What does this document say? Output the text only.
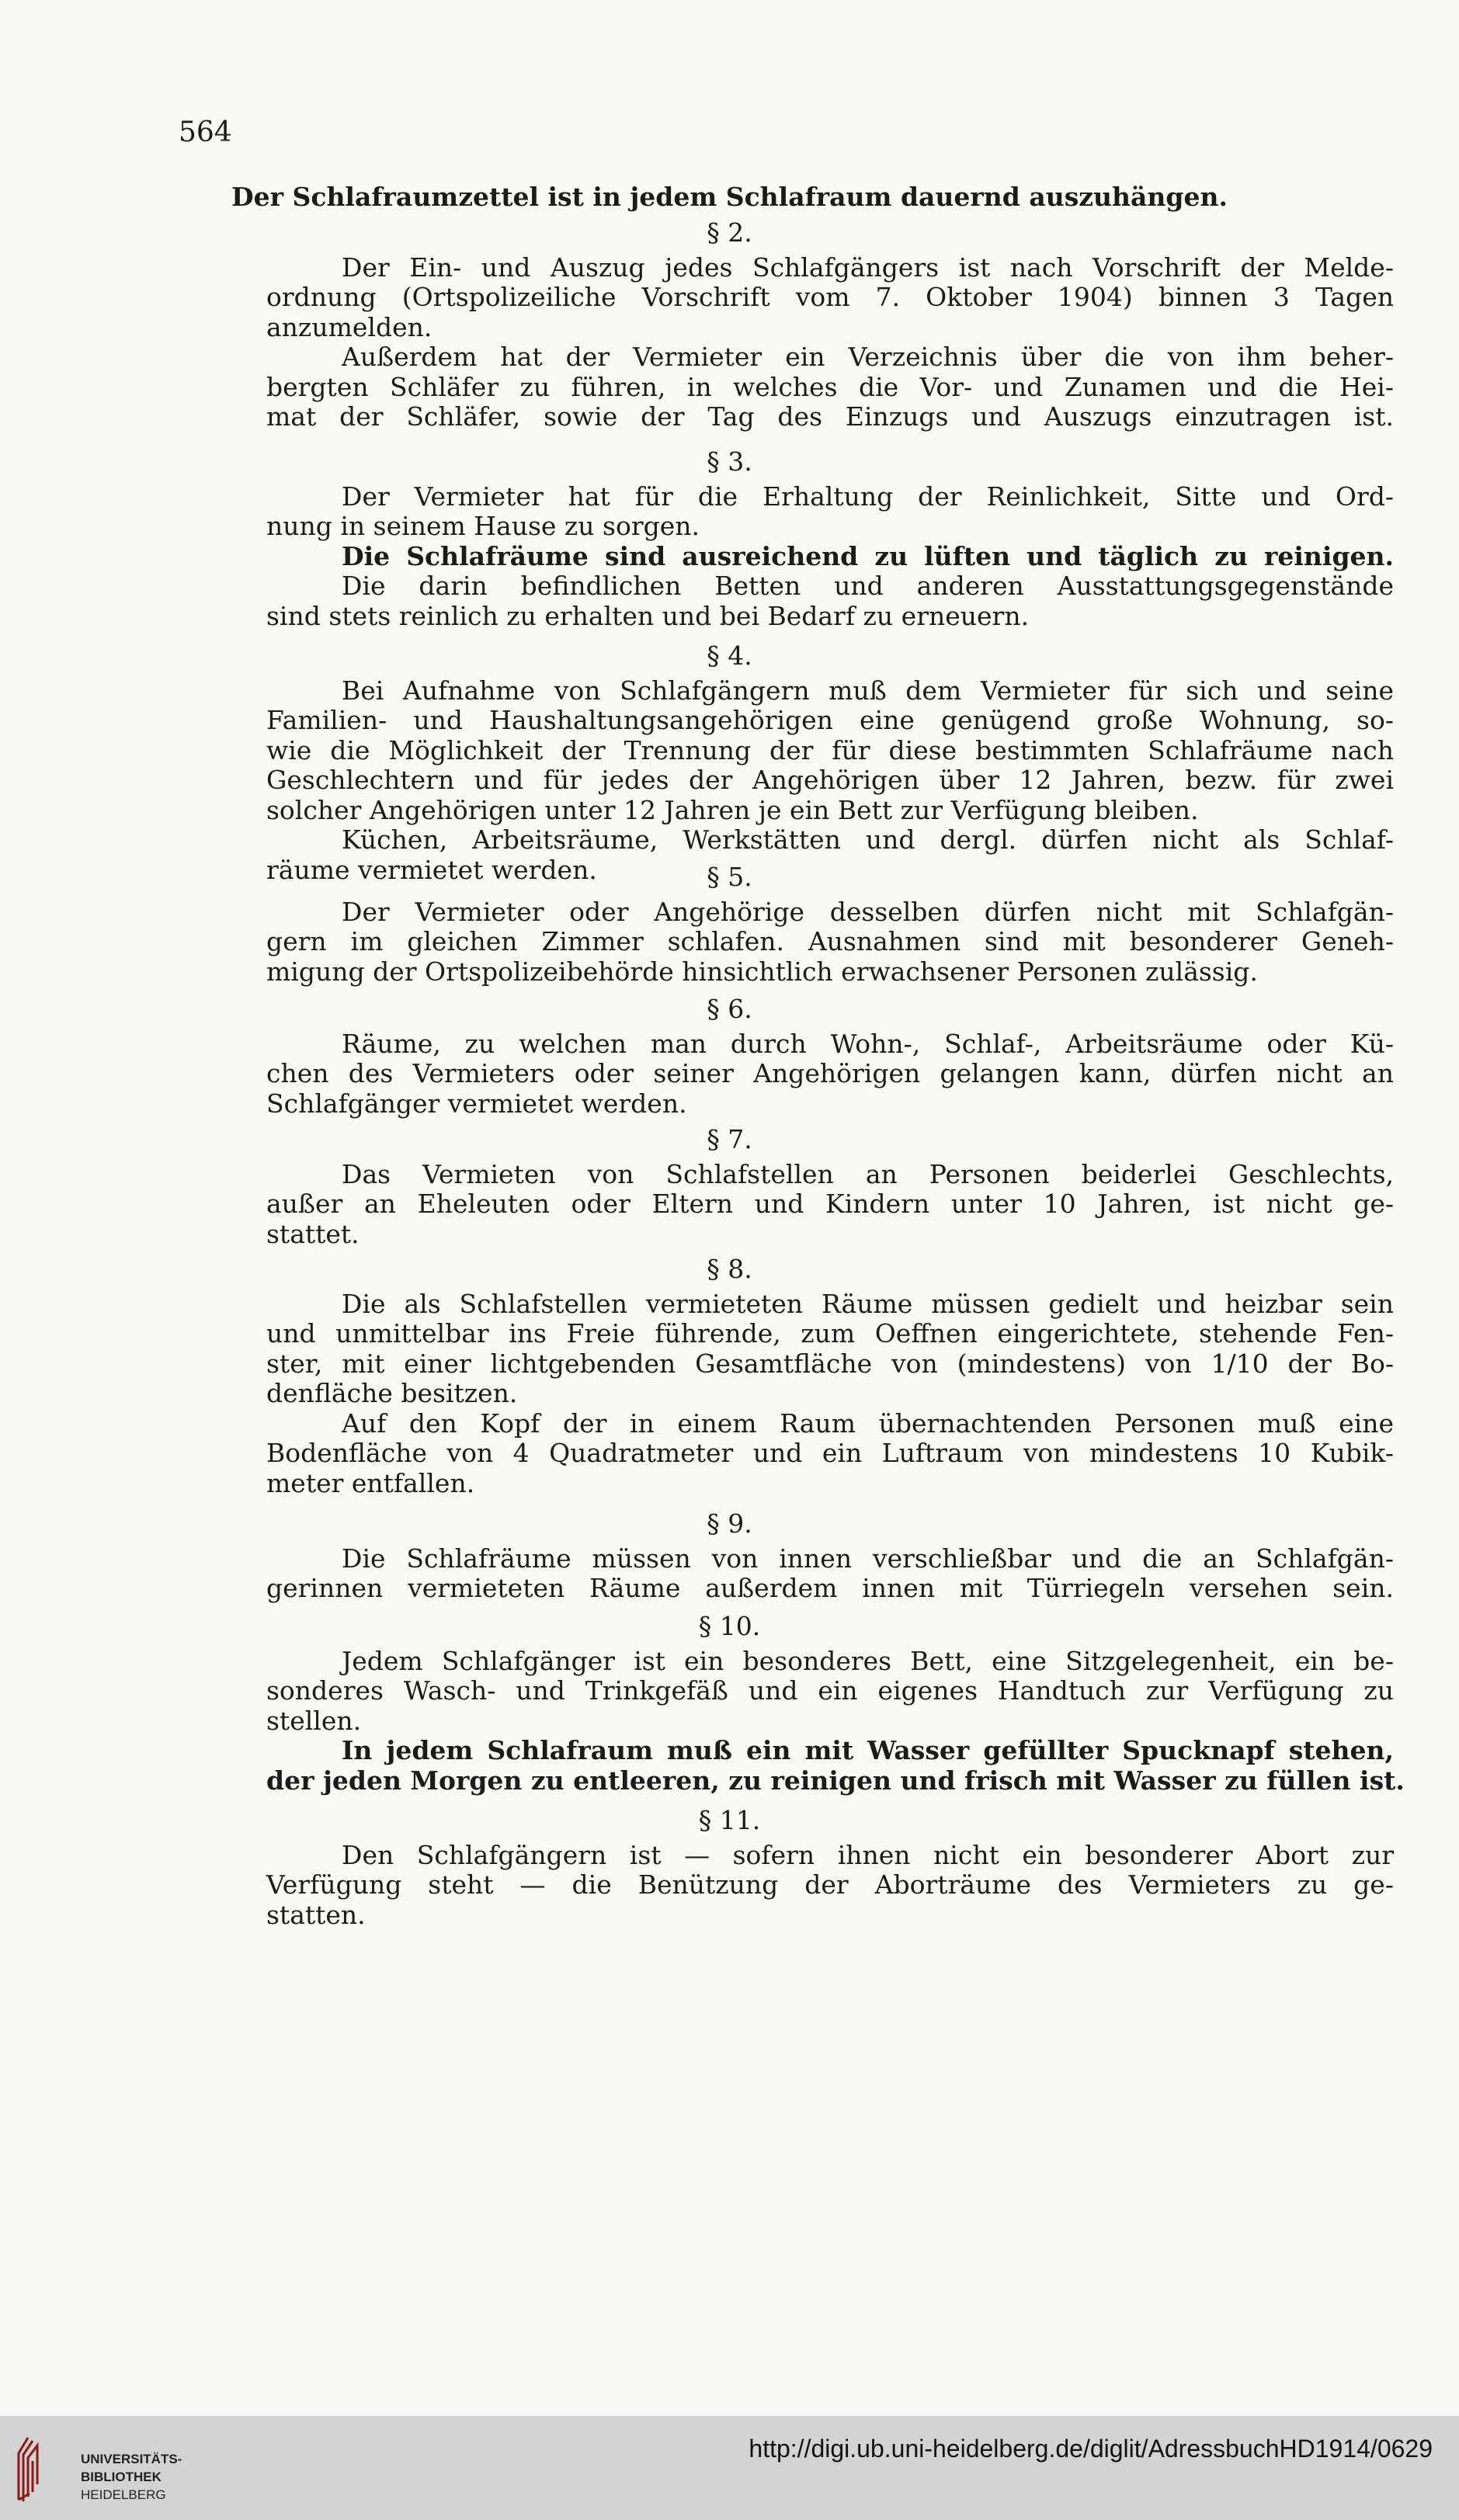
564
Der Schlafraumzettel ist in jedem Schlafraum dauernd auszuhängen.
§ 2.
Der Ein- und Auszug jedes Schlafgängers ist nach Vorschrift der Melde-
ordnung (Ortspolizeiliche Vorschrift vom 7. Oktober 1904) binnen 3 Tagen
anzumelden.
Außerdem hat der Vermieter ein Verzeichnis über die von ihm beher-
bergten Schläfer zu führen, in welches die Vor- und Zunamen und die Hei-
mat der Schläfer, sowie der Tag des Einzugs und Auszugs einzutragen ist.
§ 3.
Der Vermieter hat für die Erhaltung der Reinlichkeit, Sitte und Ord-
nung in seinem Hause zu sorgen.
Die Schlafräume sind ausreichend zu lüften und täglich zu reinigen.
Die darin befindlichen Betten und anderen Ausstattungsgegenstände
sind stets reinlich zu erhalten und bei Bedarf zu erneuern.
§ 4.
Bei Aufnahme von Schlafgängern muß dem Vermieter für sich und seine
Familien- und Haushaltungsangehörigen eine genügend große Wohnung, so-
wie die Möglichkeit der Trennung der für diese bestimmten Schlafräume nach
Geschlechtern und für jedes der Angehörigen über 12 Jahren, bezw. für zwei
solcher Angehörigen unter 12 Jahren je ein Bett zur Verfügung bleiben.
Küchen, Arbeitsräume, Werkstätten und dergl. dürfen nicht als Schlaf-
räume vermietet werden.	§ 5.
Der Vermieter oder Angehörige desselben dürfen nicht mit Schlafgän-
gern im gleichen Zimmer schlafen. Ausnahmen sind mit besonderer Geneh-
migung der Ortspolizeibehörde hinsichtlich erwachsener Personen zulässig.
§ 6.
Räume, zu welchen man durch Wohn-, Schlaf-, Arbeitsräume oder Kü-
chen des Vermieters oder seiner Angehörigen gelangen kann, dürfen nicht an
Schlafgänger vermietet werden.
§ 7.
Das Vermieten von Schlafstellen an Personen beiderlei Geschlechts,
außer an Eheleuten oder Eltern und Kindern unter 10 Jahren, ist nicht ge-
stattet.
§ 8.
Die als Schlafstellen vermieteten Räume müssen gedielt und heizbar sein
und unmittelbar ins Freie führende, zum Oeffnen eingerichtete, stehende Fen-
ster, mit einer lichtgebenden Gesamtfläche von (mindestens) von 1/10 der Bo-
denfläche besitzen.
Auf den Kopf der in einem Raum übernachtenden Personen muß eine
Bodenfläche von 4 Quadratmeter und ein Luftraum von mindestens 10 Kubik-
meter entfallen.
§ 9.
Die Schlafräume müssen von innen verschließbar und die an Schlafgän-
gerinnen vermieteten Räume außerdem innen mit Türriegeln versehen sein.
§ 10.
Jedem Schlafgänger ist ein besonderes Bett, eine Sitzgelegenheit, ein be-
sonderes Wasch- und Trinkgefäß und ein eigenes Handtuch zur Verfügung zu
stellen.
In jedem Schlafraum muß ein mit Wasser gefüllter Spucknapf stehen,
der jeden Morgen zu entleeren, zu reinigen und frisch mit Wasser zu füllen ist.
§ 11.
Den Schlafgängern ist — sofern ihnen nicht ein besonderer Abort zur
Verfügung steht — die Benützung der Aborträume des Vermieters zu ge-
statten.
UNIVERSITÄTS-
BIBLIOTHEK
HEIDELBERG
http://digi.ub.uni-heidelberg.de/diglit/AdressbuchHD1914/0629
